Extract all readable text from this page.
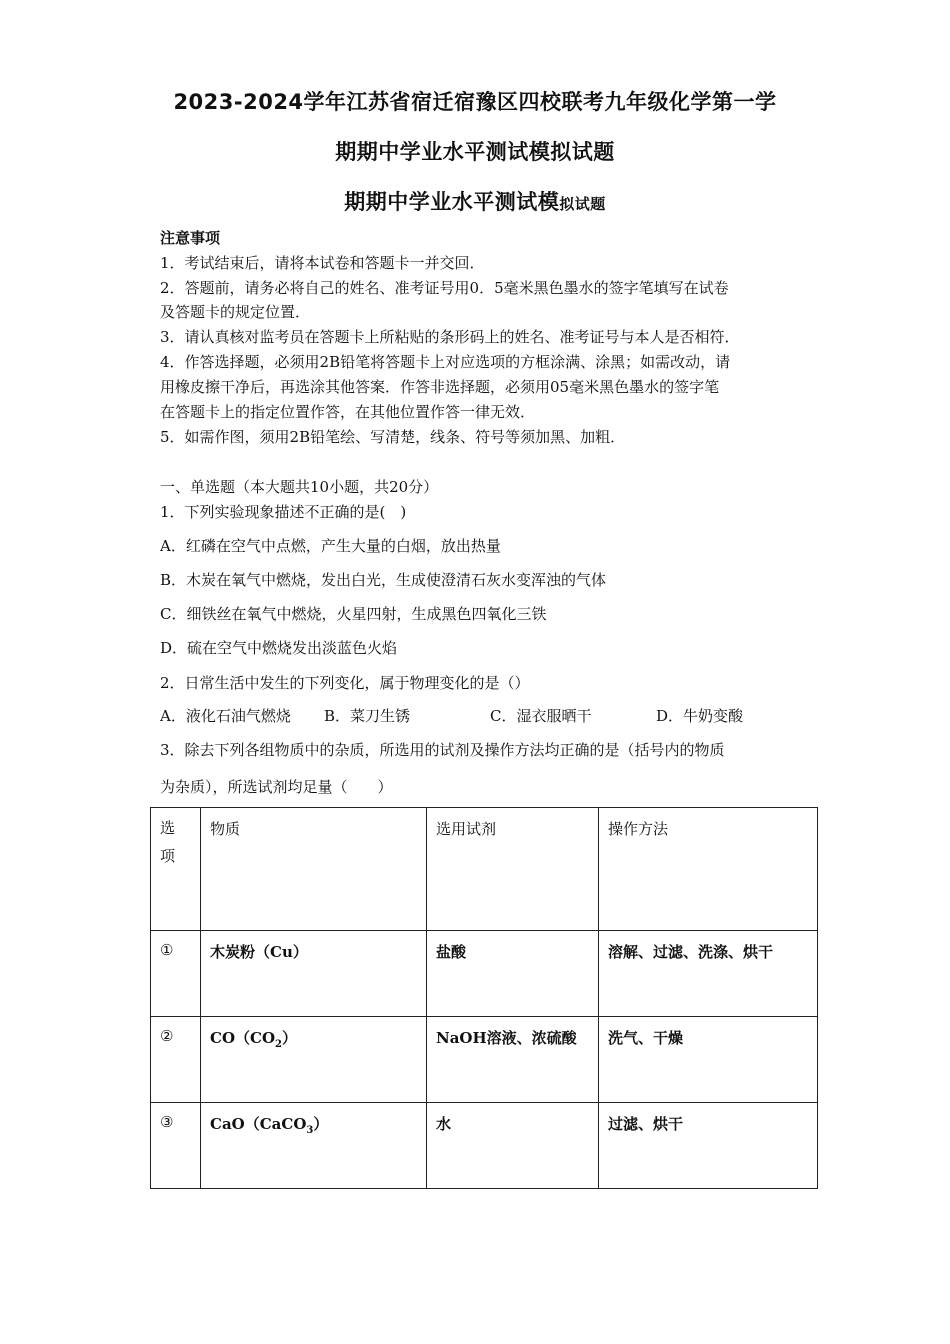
2023-2024学年江苏省宿迁宿豫区四校联考九年级化学第一学
期期中学业水平测试模拟试题
期期中学业水平测试模拟试题
注意事项
1．考试结束后，请将本试卷和答题卡一并交回．
2．答题前，请务必将自己的姓名、准考证号用0．5毫米黑色墨水的签字笔填写在试卷
及答题卡的规定位置．
3．请认真核对监考员在答题卡上所粘贴的条形码上的姓名、准考证号与本人是否相符．
4．作答选择题，必须用2B铅笔将答题卡上对应选项的方框涂满、涂黑；如需改动，请
用橡皮擦干净后，再选涂其他答案．作答非选择题，必须用05毫米黑色墨水的签字笔
在答题卡上的指定位置作答，在其他位置作答一律无效．
5．如需作图，须用2B铅笔绘、写清楚，线条、符号等须加黑、加粗．
一、单选题（本大题共10小题，共20分）
1．下列实验现象描述不正确的是(　)
A．红磷在空气中点燃，产生大量的白烟，放出热量
B．木炭在氧气中燃烧，发出白光，生成使澄清石灰水变浑浊的气体
C．细铁丝在氧气中燃烧，火星四射，生成黑色四氧化三铁
D．硫在空气中燃烧发出淡蓝色火焰
2．日常生活中发生的下列变化，属于物理变化的是（）
A．液化石油气燃烧 B．菜刀生锈	C．湿衣服晒干	D．牛奶变酸
3．除去下列各组物质中的杂质，所选用的试剂及操作方法均正确的是（括号内的物质
为杂质），所选试剂均足量（　　）
选
项	物质	选用试剂	操作方法
①	木炭粉（Cu）	盐酸	溶解、过滤、洗涤、烘干
②	$CO(CO_2)$	NaOH溶液、浓硫酸	洗气、干燥
③	CaO（CaCO$_3$）	水	过滤、烘干
